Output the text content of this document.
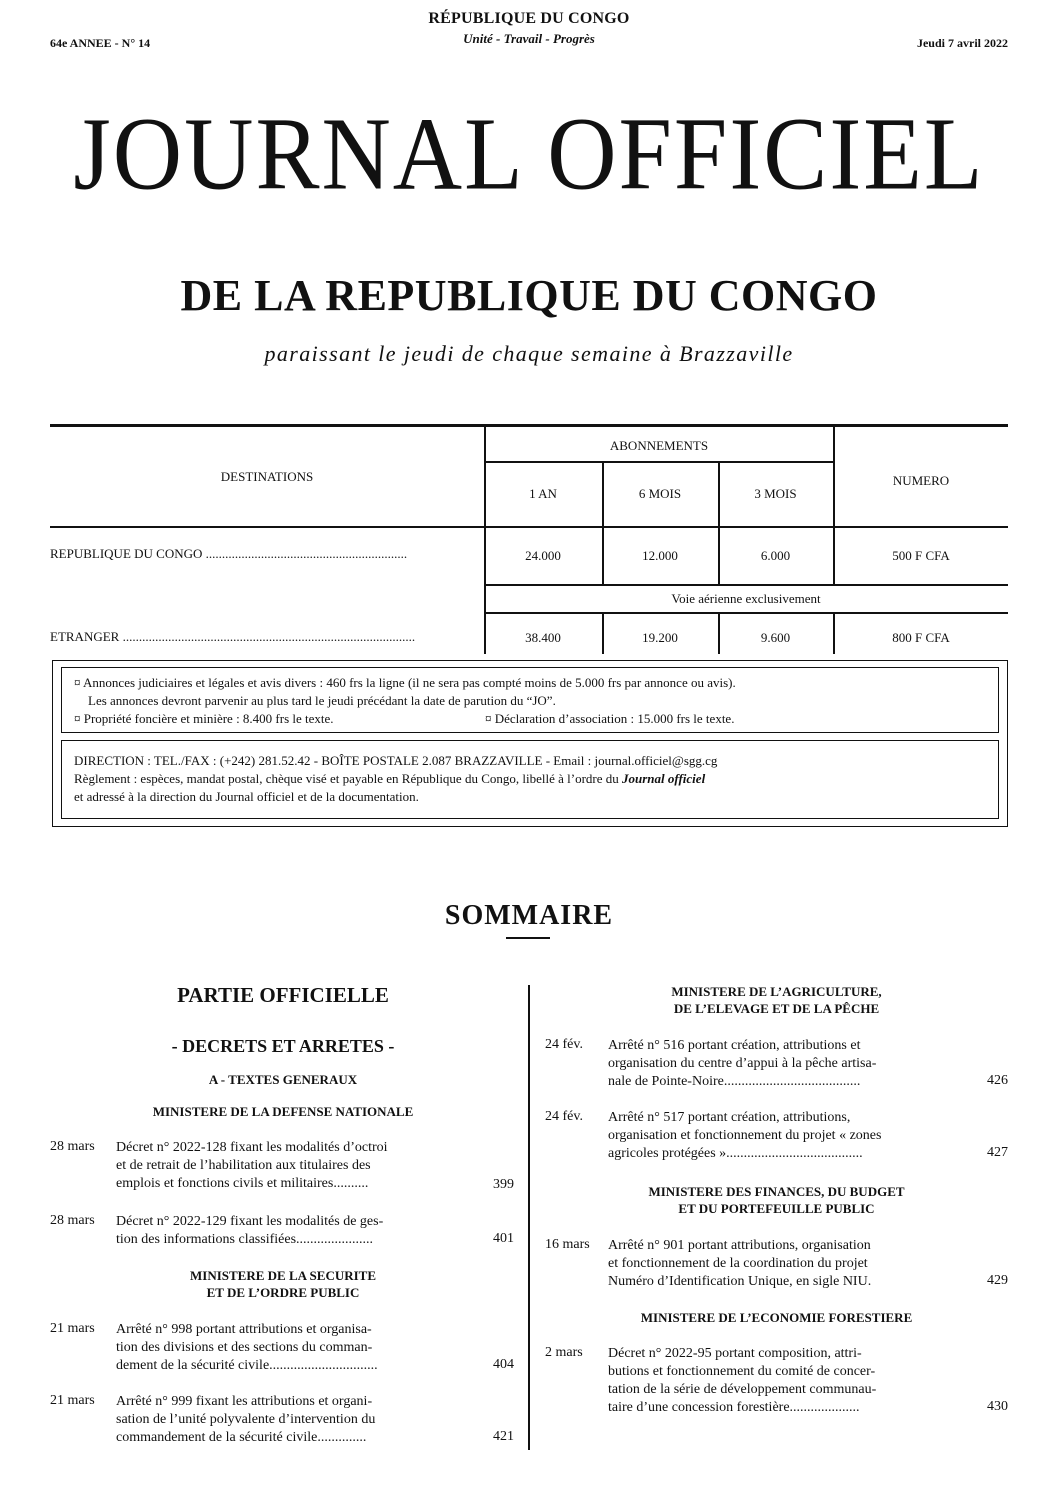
RÉPUBLIQUE DU CONGO
Unité - Travail - Progrès
64e ANNEE - N° 14	Jeudi 7 avril 2022
JOURNAL OFFICIEL
DE LA REPUBLIQUE DU CONGO
paraissant le jeudi de chaque semaine à Brazzaville
DESTINATIONS
ABONNEMENTS
NUMERO
1 AN	6 MOIS	3 MOIS
REPUBLIQUE DU CONGO ..............................................................	24.000	12.000	6.000	500 F CFA
Voie aérienne exclusivement
ETRANGER ..........................................................................................	38.400	19.200	9.600	800 F CFA
¤ Annonces judiciaires et légales et avis divers : 460 frs la ligne (il ne sera pas compté moins de 5.000 frs par annonce ou avis).
Les annonces devront parvenir au plus tard le jeudi précédant la date de parution du “JO”.
¤ Propriété foncière et minière : 8.400 frs le texte.	¤ Déclaration d’association : 15.000 frs le texte.
DIRECTION : TEL./FAX : (+242) 281.52.42 - BOÎTE POSTALE 2.087 BRAZZAVILLE - Email : journal.officiel@sgg.cg
Règlement : espèces, mandat postal, chèque visé et payable en République du Congo, libellé à l’ordre du Journal officiel
et adressé à la direction du Journal officiel et de la documentation.
SOMMAIRE
PARTIE OFFICIELLE
- DECRETS ET ARRETES -
A - TEXTES GENERAUX
MINISTERE DE LA DEFENSE NATIONALE
28 mars Décret n° 2022-128 fixant les modalités d’octroi
et de retrait de l’habilitation aux titulaires des
emplois et fonctions civils et militaires..........	399
28 mars Décret n° 2022-129 fixant les modalités de ges-
tion des informations classifiées......................	401
MINISTERE DE LA SECURITE
ET DE L’ORDRE PUBLIC
21 mars Arrêté n° 998 portant attributions et organisa-
tion des divisions et des sections du comman-
dement de la sécurité civile...............................	404
21 mars Arrêté n° 999 fixant les attributions et organi-
sation de l’unité polyvalente d’intervention du
commandement de la sécurité civile..............	421
MINISTERE DE L’AGRICULTURE,
DE L’ELEVAGE ET DE LA PÊCHE
24 fév. Arrêté n° 516 portant création, attributions et
organisation du centre d’appui à la pêche artisa-
nale de Pointe-Noire.......................................	426
24 fév. Arrêté n° 517 portant création, attributions,
organisation et fonctionnement du projet « zones
agricoles protégées ».......................................	427
MINISTERE DES FINANCES, DU BUDGET
ET DU PORTEFEUILLE PUBLIC
16 mars Arrêté n° 901 portant attributions, organisation
et fonctionnement de la coordination du projet
Numéro d’Identification Unique, en sigle NIU.	429
MINISTERE DE L’ECONOMIE FORESTIERE
2 mars Décret n° 2022-95 portant composition, attri-
butions et fonctionnement du comité de concer-
tation de la série de développement communau-
taire d’une concession forestière....................	430
